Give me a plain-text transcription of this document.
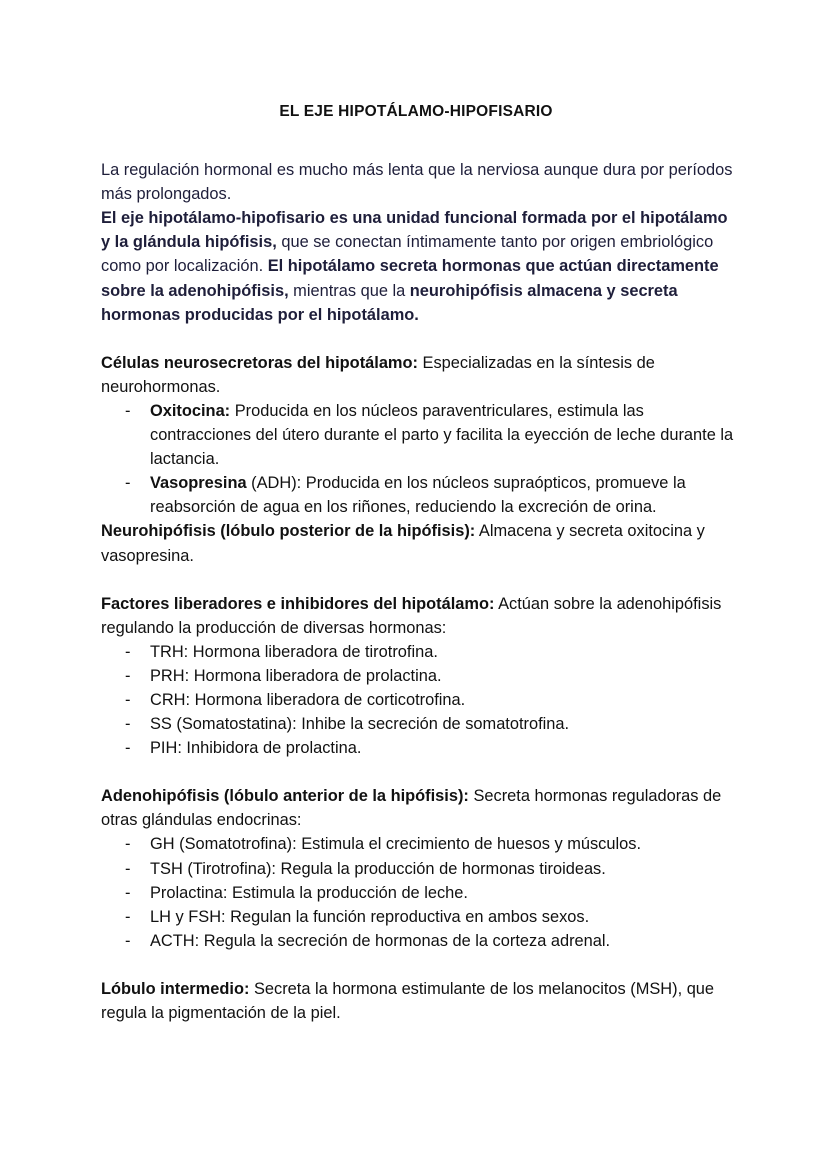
EL EJE HIPOTÁLAMO-HIPOFISARIO

La regulación hormonal es mucho más lenta que la nerviosa aunque dura por períodos más prolongados.

El eje hipotálamo-hipofisario es una unidad funcional formada por el hipotálamo y la glándula hipófisis, que se conectan íntimamente tanto por origen embriológico como por localización. El hipotálamo secreta hormonas que actúan directamente sobre la adenohipófisis, mientras que la neurohipófisis almacena y secreta hormonas producidas por el hipotálamo.

Células neurosecretoras del hipotálamo: Especializadas en la síntesis de neurohormonas.

- Oxitocina: Producida en los núcleos paraventriculares, estimula las contracciones del útero durante el parto y facilita la eyección de leche durante la lactancia.
- Vasopresina (ADH): Producida en los núcleos supraópticos, promueve la reabsorción de agua en los riñones, reduciendo la excreción de orina.

Neurohipófisis (lóbulo posterior de la hipófisis): Almacena y secreta oxitocina y vasopresina.

Factores liberadores e inhibidores del hipotálamo: Actúan sobre la adenohipófisis regulando la producción de diversas hormonas:

- TRH: Hormona liberadora de tirotrofina.
- PRH: Hormona liberadora de prolactina.
- CRH: Hormona liberadora de corticotrofina.
- SS (Somatostatina): Inhibe la secreción de somatotrofina.
- PIH: Inhibidora de prolactina.

Adenohipófisis (lóbulo anterior de la hipófisis): Secreta hormonas reguladoras de otras glándulas endocrinas:

- GH (Somatotrofina): Estimula el crecimiento de huesos y músculos.
- TSH (Tirotrofina): Regula la producción de hormonas tiroideas.
- Prolactina: Estimula la producción de leche.
- LH y FSH: Regulan la función reproductiva en ambos sexos.
- ACTH: Regula la secreción de hormonas de la corteza adrenal.

Lóbulo intermedio: Secreta la hormona estimulante de los melanocitos (MSH), que regula la pigmentación de la piel.
